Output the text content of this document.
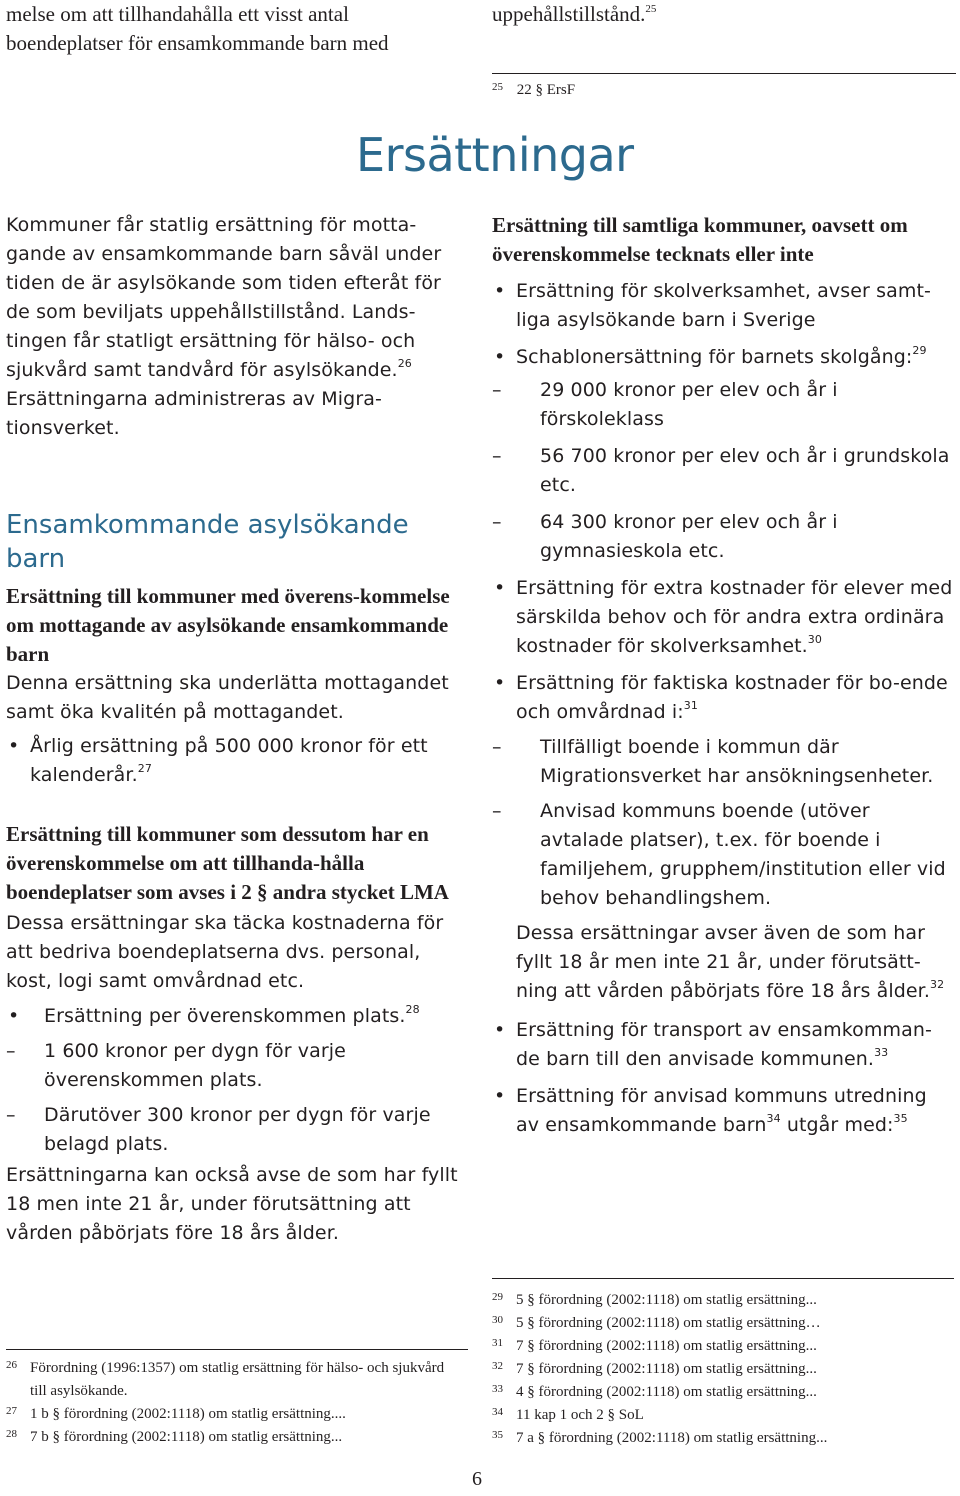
melse om att tillhandahålla ett visst antal
boendeplatser för ensamkommande barn med

uppehållstillstånd.$^{25}$

$^{25}$ 22 § ErsF
Ersättningar

Kommuner får statlig ersättning för motta-gande av ensamkommande barn såväl under tiden de är asylsökande som tiden efteråt för de som beviljats uppehållstillstånd. Lands-tingen får statligt ersättning för hälso- och sjukvård samt tandvård för asylsökande.$^{26}$ Ersättningarna administreras av Migra-tionsverket.

Ensamkommande asylsökande barn

Ersättning till kommuner med överens-kommelse om mottagande av asylsökande ensamkommande barn

Denna ersättning ska underlätta mottagandet samt öka kvalitén på mottagandet.

• Årlig ersättning på 500 000 kronor för ett kalenderår.$^{27}$

Ersättning till kommuner som dessutom har en överenskommelse om att tillhanda-hålla boendeplatser som avses i 2 § andra stycket LMA

Dessa ersättningar ska täcka kostnaderna för att bedriva boendeplatserna dvs. personal, kost, logi samt omvårdnad etc.

• Ersättning per överenskommen plats.$^{28}$

– 1 600 kronor per dygn för varje överenskommen plats.

– Därutöver 300 kronor per dygn för varje belagd plats.

Ersättningarna kan också avse de som har fyllt 18 men inte 21 år, under förutsättning att vården påbörjats före 18 års ålder.

Ersättning till samtliga kommuner, oavsett om överenskommelse tecknats eller inte

• Ersättning för skolverksamhet, avser samt-liga asylsökande barn i Sverige

• Schablonersättning för barnets skolgång:$^{29}$

– 29 000 kronor per elev och år i förskoleklass

– 56 700 kronor per elev och år i grundskola etc.

– 64 300 kronor per elev och år i gymnasieskola etc.

• Ersättning för extra kostnader för elever med särskilda behov och för andra extra ordinära kostnader för skolverksamhet.$^{30}$

• Ersättning för faktiska kostnader för bo-ende och omvårdnad i:$^{31}$

– Tillfälligt boende i kommun där Migrationsverket har ansökningsenheter.

– Anvisad kommuns boende (utöver avtalade platser), t.ex. för boende i familjehem, grupphem/institution eller vid behov behandlingshem.

Dessa ersättningar avser även de som har fyllt 18 år men inte 21 år, under förutsätt-ning att vården påbörjats före 18 års ålder.$^{32}$

• Ersättning för transport av ensamkomman-de barn till den anvisade kommunen.$^{33}$

• Ersättning för anvisad kommuns utredning av ensamkommande barn$^{34}$ utgår med:$^{35}$

26 Förordning (1996:1357) om statlig ersättning för hälso- och sjukvård till asylsökande.
27 1 b § förordning (2002:1118) om statlig ersättning....
28 7 b § förordning (2002:1118) om statlig ersättning...
29 5 § förordning (2002:1118) om statlig ersättning...
30 5 § förordning (2002:1118) om statlig ersättning…
31 7 § förordning (2002:1118) om statlig ersättning...
32 7 § förordning (2002:1118) om statlig ersättning...
33 4 § förordning (2002:1118) om statlig ersättning...
34 11 kap 1 och 2 § SoL
35 7 a § förordning (2002:1118) om statlig ersättning...
6
